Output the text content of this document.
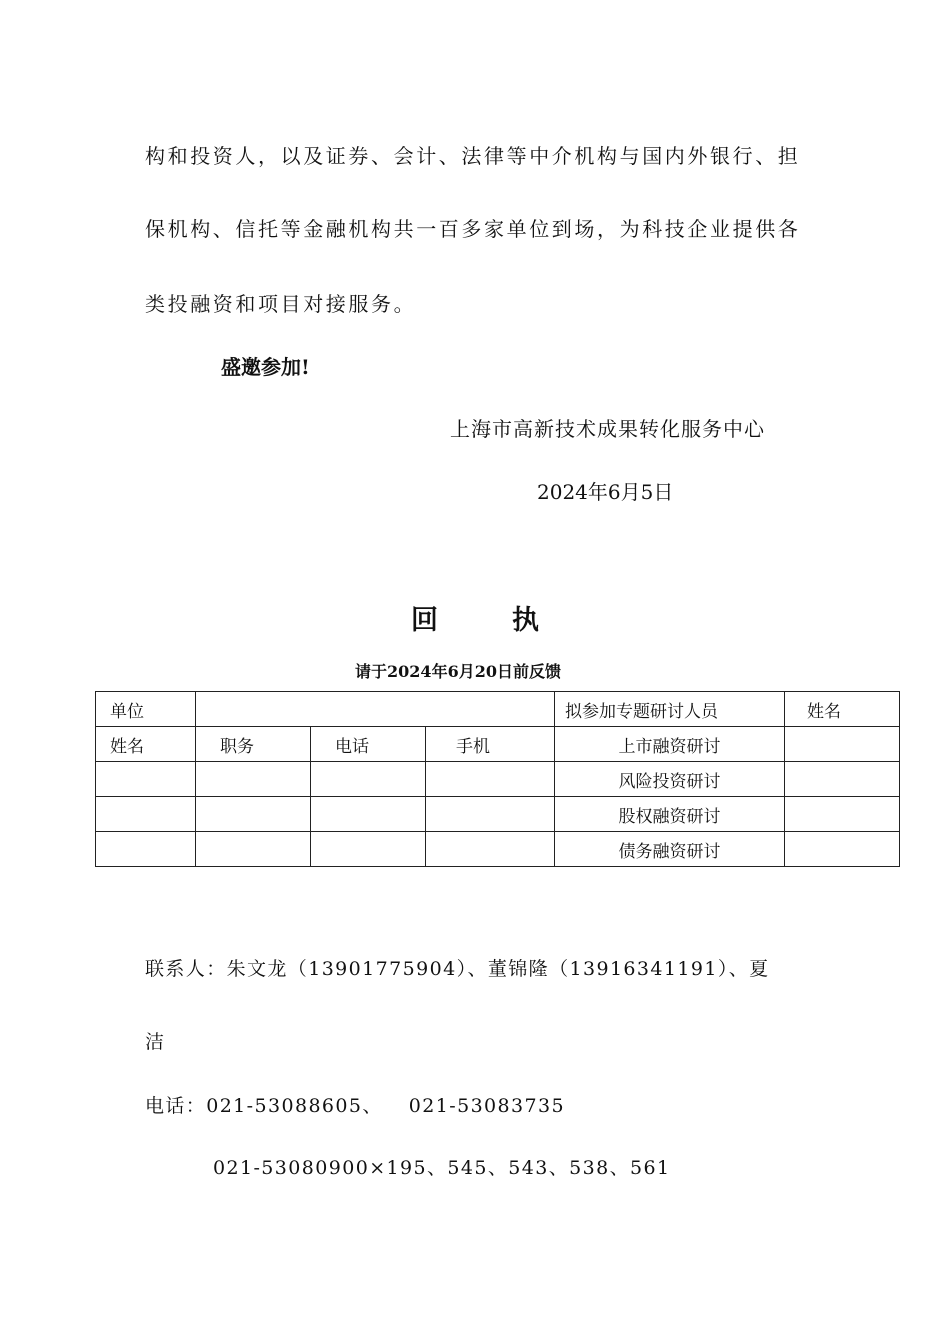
构和投资人，以及证券、会计、法律等中介机构与国内外银行、担
保机构、信托等金融机构共一百多家单位到场，为科技企业提供各
类投融资和项目对接服务。
盛邀参加!
上海市高新技术成果转化服务中心
2024年6月5日
回	执
请于2024年6月20日前反馈
单位				拟参加专题研讨人员	姓名
姓名	职务	电话	手机	上市融资研讨	
				风险投资研讨	
				股权融资研讨	
				债务融资研讨	
联系人：朱文龙（13901775904）、董锦隆（13916341191）、夏
洁
电话：021-53088605、 021-53083735
021-53080900×195、545、543、538、561
